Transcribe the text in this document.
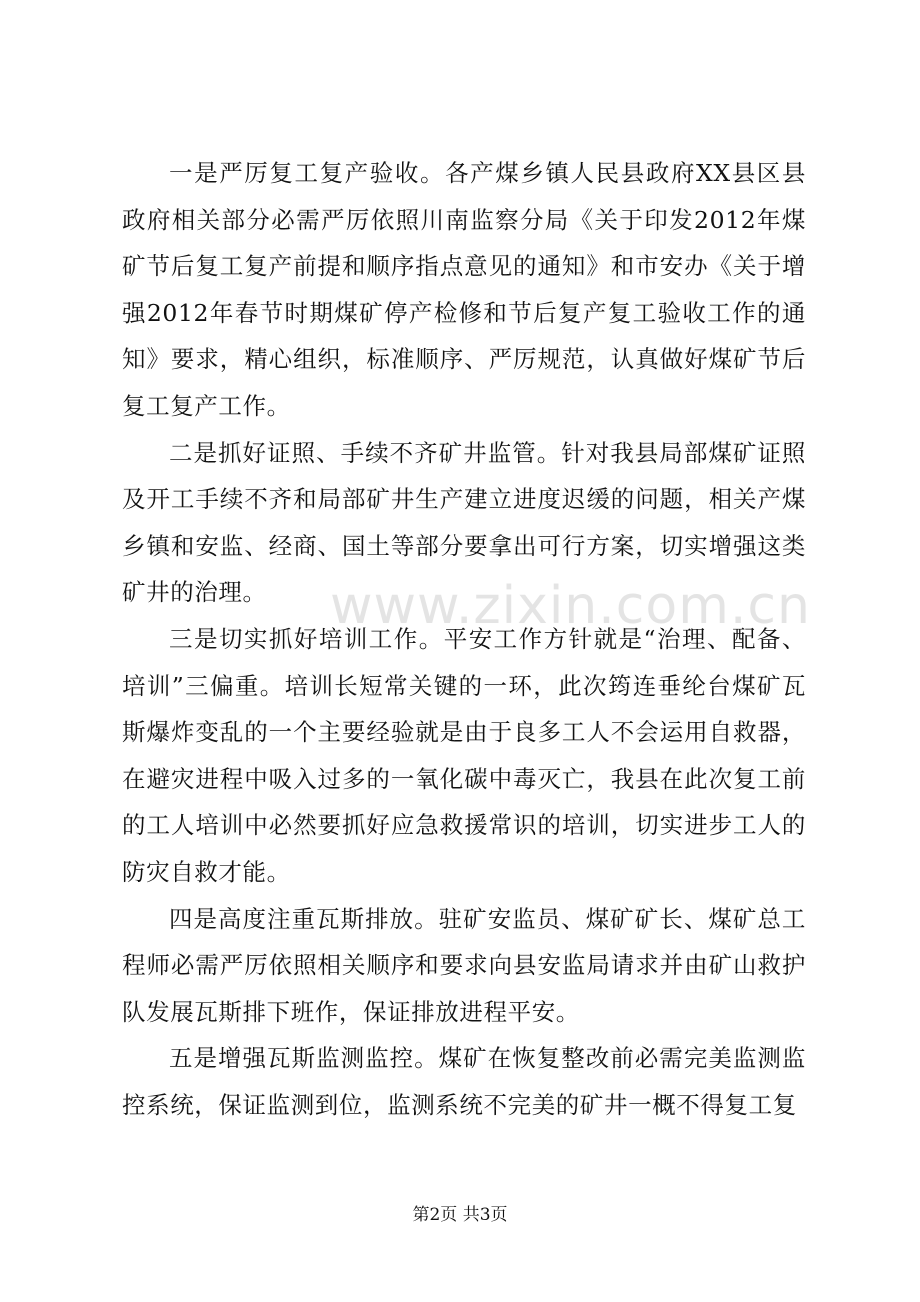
www.zixin.com.cn

一是严厉复工复产验收。各产煤乡镇人民县政府XX县区县政府相关部分必需严厉依照川南监察分局《关于印发2012年煤矿节后复工复产前提和顺序指点意见的通知》和市安办《关于增强2012年春节时期煤矿停产检修和节后复产复工验收工作的通知》要求，精心组织，标准顺序、严厉规范，认真做好煤矿节后复工复产工作。

二是抓好证照、手续不齐矿井监管。针对我县局部煤矿证照及开工手续不齐和局部矿井生产建立进度迟缓的问题，相关产煤乡镇和安监、经商、国土等部分要拿出可行方案，切实增强这类矿井的治理。

三是切实抓好培训工作。平安工作方针就是“治理、配备、培训”三偏重。培训长短常关键的一环，此次筠连垂纶台煤矿瓦斯爆炸变乱的一个主要经验就是由于良多工人不会运用自救器，在避灾进程中吸入过多的一氧化碳中毒灭亡，我县在此次复工前的工人培训中必然要抓好应急救援常识的培训，切实进步工人的防灾自救才能。

四是高度注重瓦斯排放。驻矿安监员、煤矿矿长、煤矿总工程师必需严厉依照相关顺序和要求向县安监局请求并由矿山救护队发展瓦斯排下班作，保证排放进程平安。

五是增强瓦斯监测监控。煤矿在恢复整改前必需完美监测监控系统，保证监测到位，监测系统不完美的矿井一概不得复工复

第2页 共3页
